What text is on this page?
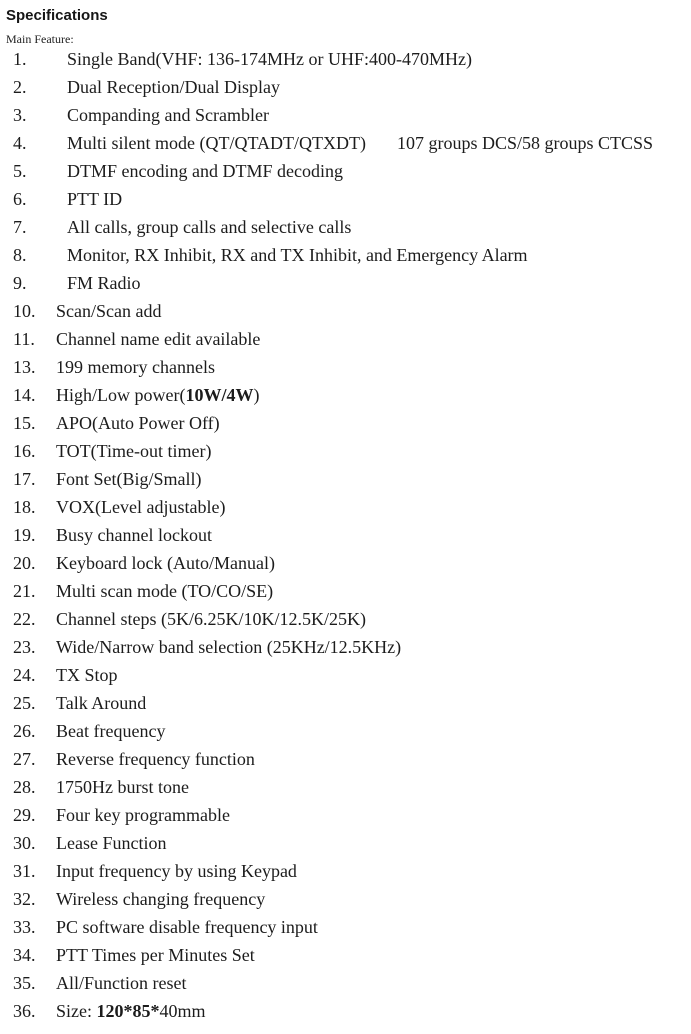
Specifications
Main Feature:
1.	Single Band(VHF: 136-174MHz or UHF:400-470MHz)
2.	Dual Reception/Dual Display
3.	Companding and Scrambler
4.	Multi silent mode (QT/QTADT/QTXDT) 107 groups DCS/58 groups CTCSS
5.	DTMF encoding and DTMF decoding
6.	PTT ID
7.	All calls, group calls and selective calls
8.	Monitor, RX Inhibit, RX and TX Inhibit, and Emergency Alarm
9.	FM Radio
10.	Scan/Scan add
11.	Channel name edit available
13.	199 memory channels
14.	High/Low power(10W/4W)
15.	APO(Auto Power Off)
16.	TOT(Time-out timer)
17.	Font Set(Big/Small)
18.	VOX(Level adjustable)
19.	Busy channel lockout
20.	Keyboard lock (Auto/Manual)
21.	Multi scan mode (TO/CO/SE)
22.	Channel steps (5K/6.25K/10K/12.5K/25K)
23.	Wide/Narrow band selection (25KHz/12.5KHz)
24.	TX Stop
25.	Talk Around
26.	Beat frequency
27.	Reverse frequency function
28.	1750Hz burst tone
29.	Four key programmable
30.	Lease Function
31.	Input frequency by using Keypad
32.	Wireless changing frequency
33.	PC software disable frequency input
34.	PTT Times per Minutes Set
35.	All/Function reset
36.	Size: 120*85*40mm
